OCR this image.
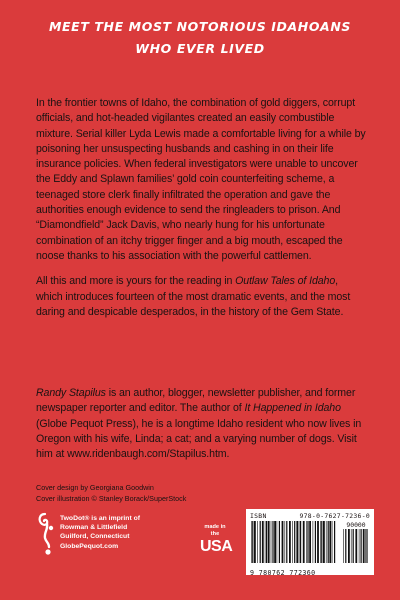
MEET THE MOST NOTORIOUS IDAHOANS
WHO EVER LIVED

In the frontier towns of Idaho, the combination of gold diggers, corrupt officials, and hot-headed vigilantes created an easily combustible mixture. Serial killer Lyda Lewis made a comfortable living for a while by poisoning her unsuspecting husbands and cashing in on their life insurance policies. When federal investigators were unable to uncover the Eddy and Splawn families’ gold coin counterfeiting scheme, a teenaged store clerk finally infiltrated the operation and gave the authorities enough evidence to send the ringleaders to prison. And “Diamondfield” Jack Davis, who nearly hung for his unfortunate combination of an itchy trigger finger and a big mouth, escaped the noose thanks to his association with the powerful cattlemen.

All this and more is yours for the reading in Outlaw Tales of Idaho, which introduces fourteen of the most dramatic events, and the most daring and despicable desperados, in the history of the Gem State.

Randy Stapilus is an author, blogger, newsletter publisher, and former newspaper reporter and editor. The author of It Happened in Idaho (Globe Pequot Press), he is a longtime Idaho resident who now lives in Oregon with his wife, Linda; a cat; and a varying number of dogs. Visit him at www.ridenbaugh.com/Stapilus.htm.

Cover design by Georgiana Goodwin
Cover illustration © Stanley Borack/SuperStock
TwoDot® is an imprint of
Rowman & Littlefield
Guilford, Connecticut
GlobePequot.com
made in the
USA
ISBN	978-0-7627-7236-0
90000
9 780762 772360
